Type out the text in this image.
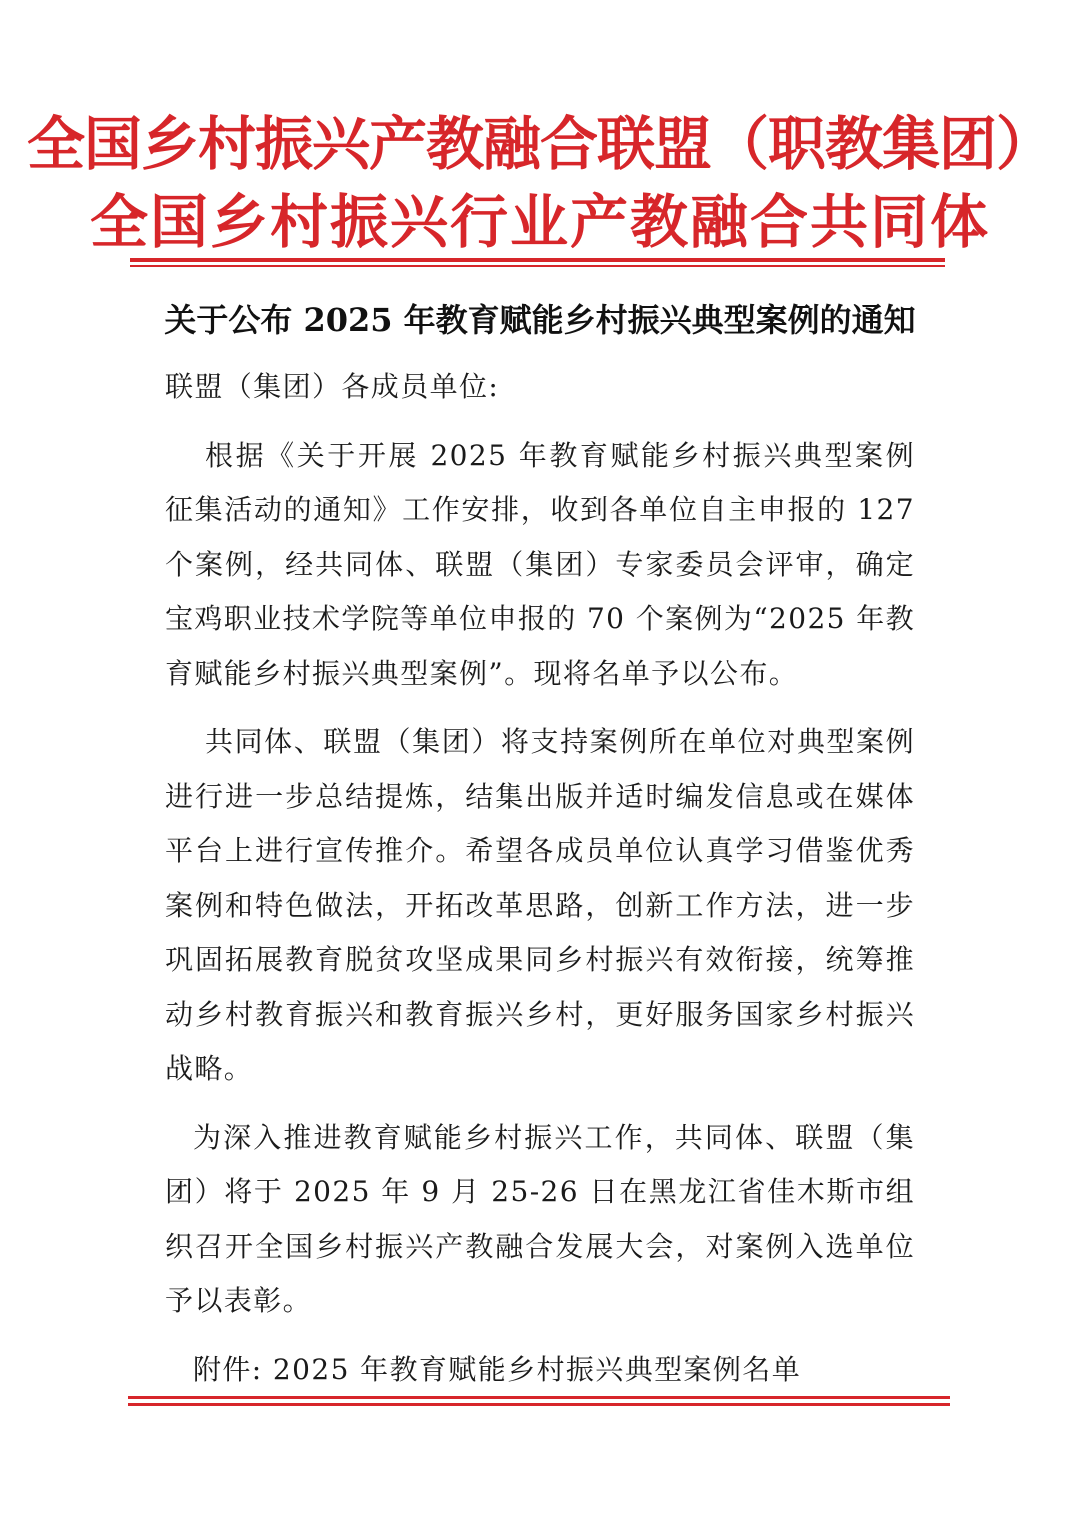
全国乡村振兴产教融合联盟（职教集团）
全国乡村振兴行业产教融合共同体
关于公布 2025 年教育赋能乡村振兴典型案例的通知

联盟（集团）各成员单位:

根据《关于开展 2025 年教育赋能乡村振兴典型案例征集活动的通知》工作安排，收到各单位自主申报的 127 个案例，经共同体、联盟（集团）专家委员会评审，确定宝鸡职业技术学院等单位申报的 70 个案例为“2025 年教育赋能乡村振兴典型案例”。现将名单予以公布。

共同体、联盟（集团）将支持案例所在单位对典型案例进行进一步总结提炼，结集出版并适时编发信息或在媒体平台上进行宣传推介。希望各成员单位认真学习借鉴优秀案例和特色做法，开拓改革思路，创新工作方法，进一步巩固拓展教育脱贫攻坚成果同乡村振兴有效衔接，统筹推动乡村教育振兴和教育振兴乡村，更好服务国家乡村振兴战略。

为深入推进教育赋能乡村振兴工作，共同体、联盟（集团）将于 2025 年 9 月 25-26 日在黑龙江省佳木斯市组织召开全国乡村振兴产教融合发展大会，对案例入选单位予以表彰。

附件: 2025 年教育赋能乡村振兴典型案例名单
